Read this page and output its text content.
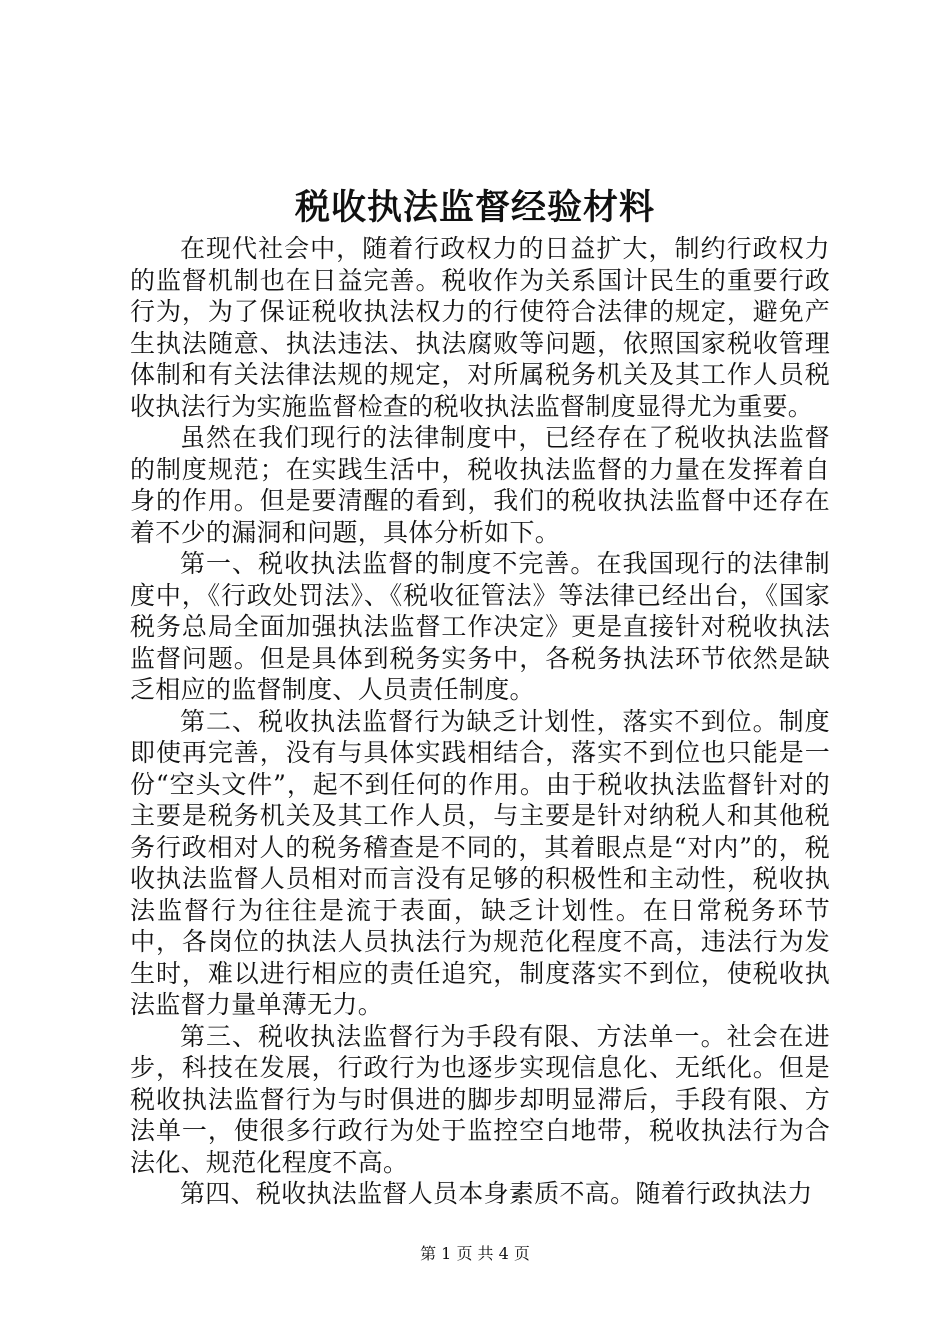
税收执法监督经验材料

在现代社会中，随着行政权力的日益扩大，制约行政权力的监督机制也在日益完善。税收作为关系国计民生的重要行政行为，为了保证税收执法权力的行使符合法律的规定，避免产生执法随意、执法违法、执法腐败等问题，依照国家税收管理体制和有关法律法规的规定，对所属税务机关及其工作人员税收执法行为实施监督检查的税收执法监督制度显得尤为重要。

虽然在我们现行的法律制度中，已经存在了税收执法监督的制度规范；在实践生活中，税收执法监督的力量在发挥着自身的作用。但是要清醒的看到，我们的税收执法监督中还存在着不少的漏洞和问题，具体分析如下。

第一、税收执法监督的制度不完善。在我国现行的法律制度中，《行政处罚法》、《税收征管法》等法律已经出台，《国家税务总局全面加强执法监督工作决定》更是直接针对税收执法监督问题。但是具体到税务实务中，各税务执法环节依然是缺乏相应的监督制度、人员责任制度。

第二、税收执法监督行为缺乏计划性，落实不到位。制度即使再完善，没有与具体实践相结合，落实不到位也只能是一份“空头文件”，起不到任何的作用。由于税收执法监督针对的主要是税务机关及其工作人员，与主要是针对纳税人和其他税务行政相对人的税务稽查是不同的，其着眼点是“对内”的，税收执法监督人员相对而言没有足够的积极性和主动性，税收执法监督行为往往是流于表面，缺乏计划性。在日常税务环节中，各岗位的执法人员执法行为规范化程度不高，违法行为发生时，难以进行相应的责任追究，制度落实不到位，使税收执法监督力量单薄无力。

第三、税收执法监督行为手段有限、方法单一。社会在进步，科技在发展，行政行为也逐步实现信息化、无纸化。但是税收执法监督行为与时俱进的脚步却明显滞后，手段有限、方法单一，使很多行政行为处于监控空白地带，税收执法行为合法化、规范化程度不高。

第四、税收执法监督人员本身素质不高。随着行政执法力

第 1 页 共 4 页
